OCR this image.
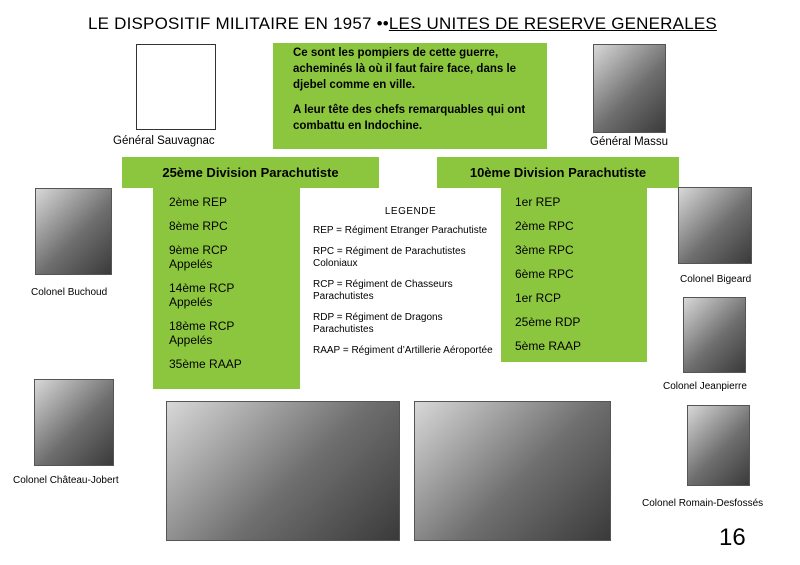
LE DISPOSITIF MILITAIRE EN 1957 ••LES UNITES DE RESERVE GENERALES

Ce sont les pompiers de cette guerre, acheminés là où il faut faire face, dans le djebel comme en ville.

A leur tête des chefs remarquables qui ont combattu en Indochine.

Général Sauvagnac	Général Massu
25ème Division Parachutiste	10ème Division Parachutiste
2ème REP
8ème RPC
9ème RCP Appelés
14ème RCP Appelés
18ème RCP Appelés
35ème RAAP
1er REP
2ème RPC
3ème RPC
6ème RPC
1er RCP
25ème RDP
5ème RAAP
LEGENDE
REP = Régiment Etranger Parachutiste
RPC = Régiment de Parachutistes Coloniaux
RCP = Régiment de Chasseurs Parachutistes
RDP = Régiment de Dragons Parachutistes
RAAP = Régiment d’Artillerie Aéroportée
Colonel Buchoud
Colonel Château-Jobert
Colonel Bigeard
Colonel Jeanpierre
Colonel Romain-Desfossés
16
